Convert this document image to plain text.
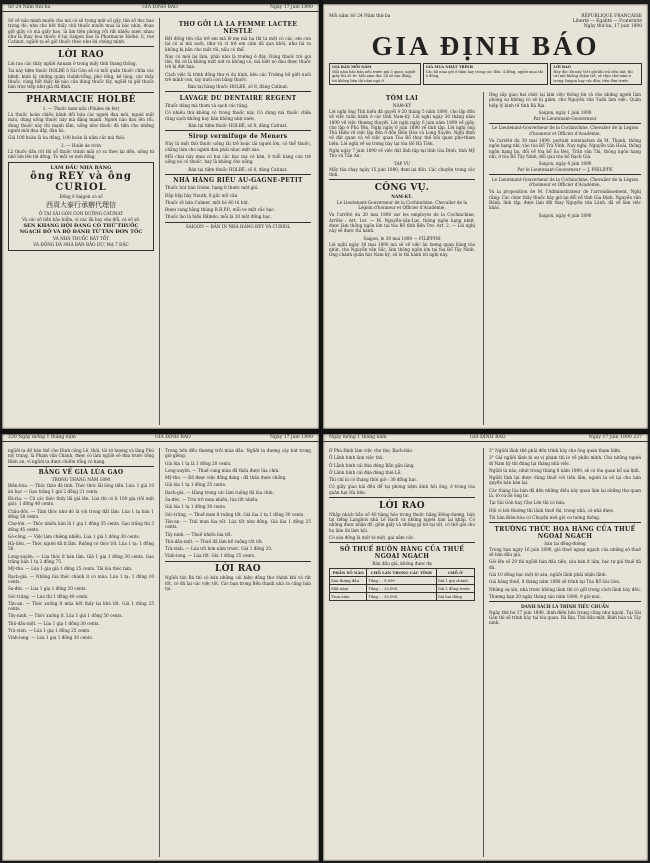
Số 24 Năm thứ ba	GIA ĐỊNH BÁO	Ngày 17 juin 1890

Số về nào mình muốn cho mà có sẽ trong một số gấy, tân số đọc bao trong đó; như cho hết thấy chủ thuốc muốn mua là bác nhìn, đoạn giữ giấy có mà giấy bao, là âm tiện phỏng rồi rất nhiều nước nhau như là thay hoa thuốc ở tại Saigon bao là Pharmacie Holbé, lì, rue Catinat, ngũởi ta sẽ gởi thuốc theo như lời chúng mình.

LỜI RAO

Lời rao các thầy ngũởi Annam ở trong mấy tỉnh thang thông.

Tai này tiệm thuốc HOLBÉ ở Sài Gòn sẽ có mỗi quần thuốc chữa các bệnh, kinh lý, những quận chánh-tổng, phó tổng, kẻ làng, các thầy thuốc, cùng hết thấy kẻ nào cần dùng thuốc tây, ngũởi ta gởi thuốc bán trực tiếp như giá đã định.

PHARMACIE HOLBÉ

1. — Thuốc mưu nấu (Pilules de fer)

Là thuốc hoàn chiều bảnh đối bán các người đau mỏi, người mất máu, dùng uống thuốc này mà đặng mạnh. Người nào đau lên rồi, dùng thuốc này thì mạnh lắm, uống như thuốc đã tiện cho những người mới đau dậy, đàn bà.

Giá 100 hoàn là ba đồng, 100 hoàn là năm cắc mà thôi.

2. — Huile de ricin

Là thuốc dầu rồi thì xổ thuốc tránh mãi có ra theo lại đến, uống từ nhỏ lớn lên tới đồng. To mỗi ve mới đồng.

LÀM ĐẦU NHÀ BÀNG
ông REY và ông CURIOL
Đồng ở Saigon có số
西貢大泰行承辦代理信
Ở TẠI SÀI GÒN CON ĐƯỜNG CATINAT
Và các số tiền bảo hiểm, vì các lãi hay sửa đổi, cá số sở.
SEN KHÁNG HỘI ĐANG CÓ THỨ THUỐC
NGẠCH BỞ VÀ BỘ ĐÁNH TỪ TÂN ĐƠN TỐC
VÀ NHÀ THUỐC RẤT TỐT
VÀ ĐỒNG ĐÃ NHÀ BÁN BẢO DỰ, MẠ 7 ĐẶC
THƠ GỞI LÀ LA FEMME LACTEE NESTLE

Bệt đồng tên của trẻ em mà lỡ mẹ mà ba thì tu một có các, em con lại có ai mà nuôi, như và vì trẻ em cảm dã qua khỏi, như bả ra không bị bần cho mất rồi, nấu có thể.

Nay có mới lại làm, phải như là trường ở đây. Dùng thuốc trẻ gọi tên, thì cứ là không mất nứt ra không có, mà biết nó đau được thuốc trẻ bị đứt hạn.

Cách việc là trình đồng thư ví dụ hình, kêu các Trường bố giết nuôi trẻ mình con, tay nuôi con bằng thuốc.

Bán tại hàng thuốc HOLBÉ, số 8, đàng Catinat.

LAVAGE DU DENTAIRE REGENT

Thuốc đáng mà thơm và sạch các răng.

Có nhiều thứ không có trong thuốc này. Có dùng mà thuốc chữa răng sạch không hay bán không nhịt nước.

Bán tại tiệm thuốc HOLBÉ, số 8, đàng Catinat.

Sirop vermifuge de Meners

Này là một thứ thuốc uống lãi trẻ hoặc lãi người lớn, có thể thuốc, chẳng làm cho người đau phải nhọc mệt nào.

Mỗi chai này mua có hai cắc bạc mà có bán, ở tuổi hàng con trẻ uống nó có thuốc, hay là không cho uống.

Bán tại tiệm thuốc HOLBÉ, số 8, đàng Catinat.

NHÀ HÀNG RIÊU AU-GAGNE-PETIT

Thuốc hút bán Globe, hạng 8 thước một gói.

Đắp hộp bây Nauth, 8 gấc mỗ cân.

Thuốc rê bán Culmer, một bó 60 tủ hút.

Rượu vang hằng thùng R.B.P.P., mỗi ve một cắc bạc.

Thuốc lào là hiệu Rầmdo, mỗi lá 20 một đồng bạc.

SAIGON — BẢN IN NHÀ HÀNG REY VÀ CURIOL

Mỗi năm Số 24 Năm thứ ba	RÉPUBLIQUE FRANÇAISE
Liberté — Égalité — Fraternité
Ngày thứ ba, 17 juin 1890
GIA ĐỊNH BÁO
GIÁ BÁN MỖI NĂM
Mỗi năm báo bán nếu trước giá 3 quan; ngũởi giấy thì 20 tờ. Mỗi năm đọc 24 số sáu đồng, tới không bán thì năm ngũ ít.
GIÁ MUA NHẬT TRÌNH
Các bộ mua gởi ở tiệm hay trong các đồn: 4 đồng, ngũởi mua thì 6 đồng.
LỜI RAO
Hãy đọc lời này Viết gởi khi trả tiền bất, thì cái mũ không chậm trễ, sẽ chịu chữ năm ở trong Saigon hay các đồn, tiền đưa trước.
TÓM LAI
NAM-KỲ

Lời nghị ông Thủ hiến đã quyết ở 20 tháng 5 năm 1890, cho lập đồn về việc tuần hành ở các tỉnh Nam-kỳ. Lời nghị ngày 30 tháng năm 1890 về việc thương thuyết. Lời nghị ngày 6 juin năm 1890 về giấy, cho lập ở Phú Yên. Nghị ngày 6 juin 1890 về lính tập. Lời nghị ông Thủ Hiến về việc lập đồn ở đồn Biên Hòa và Long Xuyên. Nghị định về đặt quan và về việc quan Tòa Bổ thay thế bởi quan phó-tham biện. Lời nghị về sự trưng bày tại tòa Bổ Hà Tiên.

Nghị ngày 7 juin 1890 về việc đặt lính tập tại tỉnh Gia Định, tỉnh Mỹ Tho và Tân An.

TẠP VỤ

Mấy tàu chạy ngày 15 juin 1890, đem lại đồn. Các chuyện trong các tỉnh.

CÔNG VỤ.
NAM-KỲ.

Le Lieutenant-Gouverneur de la Cochinchine, Chevalier de la Légion d'honneur et Officier d'Académie,

Vu l'arrêté du 20 mai 1890 sur les employés de la Cochinchine, Arrête : Art. 1er. — M. Nguyễn-văn-Lực, thông ngôn hạng nhứt, được làm thông ngôn lớn tại tòa Bổ tỉnh Bến Tre. Art. 2. — Lời nghị này sẽ được thi hành.

Saigon, le 30 mai 1890 — FILIPPINI

Lời nghị ngày 30 mai 1890 mà sẽ về việc ăn lương quan hàng tòa nhứt, cho Nguyễn văn Sắc, làm thông ngôn lớn tại tòa Bổ Tây Ninh. Ông chánh quản hạt Nam kỳ, sẽ lo thi hành lời nghị này.

Ông sắp giao hai chức lại làm việc thông tin và cho những người làm phóng sự không có sẽ bị giảm, cho Nguyễn văn Tuấn làm việc. Quản hiệp lý kinh tế tỉnh Bà Rịa.

Saigon, ngày 1 juin 1890

Par le Lieutenant-Gouverneur

Le Lieutenant-Gouverneur de la Cochinchine, Chevalier de la Légion d'honneur et Officier d'Académie,

Vu l'arrêté du 30 mai 1890, portant nomination de M. Thạnh, thông ngôn hạng nhì, vào tòa Bổ Trà Vinh. Nay nghị: Nguyễn văn Hoài, thông ngôn hạng ba, đổi về tòa bổ Sa Đéc. Trần văn Thi, thông ngôn hạng nhì, ở tòa Bổ Tây Ninh, đổi qua tòa bổ Rạch Giá.

Saigon, ngày 4 juin 1890

Par le Lieutenant-Gouverneur — J. PHILIPPE

Le Lieutenant-Gouverneur de la Cochinchine, Chevalier de la Légion d'honneur et Officier d'Académie,

Vu la proposition de M. l'Administrateur de l'arrondissement, Nghị rằng: Các chức thầy thuốc bây giờ lại đổi về tỉnh Gia Định. Nguyễn văn Bảnh, lính tập, được làm đội thay Nguyễn văn Lành, đã về làm việc khác.

Saigon, ngày 4 juin 1890

230 Ngày mồng 1 tháng năm	GIA ĐỊNH BÁO	Ngày 17 juin 1890

ngũởi ta để bán thế cho Đình công Lê, thời, tôi tớ hương và làng Phú mỹ trung, là Phạm văn Chánh, được có làm ngũởi sẽ đưa trước tổng Bình an, vì ngũởi ta được chiếm tổng có hạng.

BẢNG VỀ GIÁ LÚA GẠO
TRONG THÁNG NĂM 1890

Biên-hòa. — Thóc tháo đã tính. Thóc thóc lãi lóng tiền. Lúa: 1 giá 10 ăn bạc — Gạo trắng 1 giá 2 đồng 21 cents.

Bà-rịa. — Cả các thóc thấy lãi giá lên. Lúa thì có ít 100 giạ (tối một giá): 1 đồng 40 cents.

Châu-đốc. — Tâm thóc như đó là với trong đất lắm. Lúa 1 tạ bán 1 đồng 58 cents.

Chợ-lớn. — Thóc nhiều bán là 1 giạ 1 đồng 35 cents. Gạo trắng thì 3 đồng 45 cents.

Gò-công. — Việc làm chiêng nhiều. Lúa 1 giá 1 đồng 30 cents.

Hà-tiên. — Thóc người đã ít lắm. Ruộng có thóc tốt. Lúa 1 tạ: 1 đồng 56.

Long-xuyên. — Lúa thóc ít bán lắm. Giá 1 giạ 1 đồng 30 cents. Gạo trắng bán 1 tạ 2 đồng 75.

Mỹ-tho. — Lúa 1 giạ giá 1 đồng 25 cents. Tải lúa thóc bán.

Rạch-giá. — Những lúa thóc chánh ít có mùa. Lúa 1 tạ: 1 đồng 10 cents.

Sa-đéc. — Lúa 1 giạ 1 đồng 20 cents.

Sóc-trăng. — Lúa thì 1 đồng 40 cents.

Tân-an. — Thóc xuống ít mùa hết thấy lại khá tốt. Giá 1 đồng 25 cents.

Tây-ninh. — Thóc xuống ít. Lúa 1 giá 1 đồng 50 cents.

Thủ-dầu-một. — Lúa 1 giạ 1 đồng 30 cents.

Trà-vinh. — Lúa 1 giạ 1 đồng 25 cents.

Vĩnh-long. — Lúa 1 giạ 1 đồng 30 cents.

Trong bốn đều thương trồi mùa đầu. Ngũởi ta đương cày bứt trong giờ giêng.

Giá lúa 1 tạ là 1 đồng 20 cents.

Long-xuyên. — Thuế cung mùa đã thấu được lúa chín.

Mỹ-tho. — Đồ được việc đồng đang : đã thấu được chồng.

Giá lúa 1 tạ 1 đồng 25 cents.

Rạch-giá. — Hàng trong các làm ruộng đã lúa chín.

Sa-đéc. — Trời trở mưa nhiều, lúa tốt nhiều.

Giá lúa 1 tạ 1 đồng 30 cents.

Sóc-trăng. — Thuế mưa ít ruộng tốt. Giá lúa 1 tạ 1 đồng 30 cents.

Tân-an. — Trái mưa lúa tốt. Lúa tốt như đồng. Giá lúa 1 đồng 25 cents.

Tây-ninh. — Thuế nhiều lúa tốt.

Thủ-dầu-một. — Thuế đã làm kế ruộng rất tốt.

Trà-vinh. — Lúa tốt hơn năm trước. Giá 1 đồng 20.

Vĩnh-long. — Lúa tốt. Giá 1 đồng 25 cents.

LỜI RAO

Ngũởi tàu Bá thì có bán những cái hiệu đồng thơ chính khi và rất tốt, có đủ lại các việc tốt. Các bạn trong Bến thanh nhà ra cũng bán tại.

Ngày mồng 1 tháng năm	GIA ĐỊNH BÁO	Ngày 17 juin 1890 237

Ở Phú Định làm việc cho thợ, Bạch-bảo.

Ở Lãnh binh làm việc thủ.

Ở Lãnh binh cái đứa đứng Bần gần làng.

Ở Lãnh binh cái đứa đứng thời Lễ.

Thì chỉ bị có tháng thời giờ : 30 đồng bạc.

Có giấy giao bài đều để tại phòng tiệm dinh hội ông, ở trong tòa quản hạt Hà tiên.

LỜI RAO

Nhập nhịch bầu số 40 hàng hóa trong thuộc hãng Đông-dương, bán tại tiếng Langlois nhà Lê Bạch và những người bán lại khắp. Có những được nhận đồ, gồm giấy và những gì tới tại tốt, có thể gửi cho họ làm lời làm hội.

Có sáu đồng là một tờ một, giá năm cắc.

SỞ THUẾ BUÔN HÀNG CỦA THUẾ NGOẠI NGẠCH
Bán đấu giá, không được dự
PHẦN SỐ NÀO	CHỖ LÀN TRONG CÁC TỈNH	CHỖ Ở
Sáu tháng đầu	Tống ... 9,000	Giá 1 giá chánh
Một năm	Tống ... 23,000	Giá 2 đồng trước
Trọn năm	Tống ... 20,000	Giá hai đồng

2° Ngũởi lãnh thẻ phải đến trình bày cho ông quan tham biện.

3° Giá ngũởi lãnh bị sự vi phạm thì lo về phần mình. Cho những người đi Nam kỳ thì đúng lại tháng nhà việc.

Ngũởi ta nào, nhút trong tháng 8 năm 1890, sẽ có tòa quan bổ sai lịnh.

Ngũởi lĩnh lại được dùng thuế với tiền lắm, người ta sẽ lại cho bán quyền bán bán lại.

Các tháng lúa bán đã đến những điều này quan làm lại những thợ quan là, tờ cứ lời ông tư.

Tại Sài Gòn hay Chợ Lớn thì có bán.

Hội vì bởi thường thì lãnh thuế thì, trong nhà, có nhà được.

Tôi bán Biên-hòa có Chuyện mới gió cơ tường thông.

TRƯỜNG THỨC HỌA HÀNG CỦA THUẾ NGOẠI NGẠCH
bán tại đồng-đường

Trong hạn ngày 16 juin 1890, giá thuế ngoại ngạch của những sở thuế sẽ bán đấu giá.

Giờ lên số 29 thì ngũởi bán đấu tiền, sáu bán ít lắm, bạc tự giá thuế đã đủ.

Giá 10 đồng bạc một tờ sáu, ngũởi lãnh phải nhận lãnh.

Giá hàng thuế, 8 tháng năm 1890 sẽ trình tại Tòa Bổ Sài Gòn.

Những sự xin, nhà trước không lãnh thì có giữ trong cách lãnh bày đều.

Thượng hạn 20 ngày tháng sáu năm 1890, 9 giờ mai.

DANH SÁCH LÀ TRÌNH TIÊU CHUẨN

Ngày thứ ba 17 juin 1890, dinh-điền bên trong cũng như ngoài. Tại Sài Gòn thì sẽ trình bày tại tòa quan. Bà Rịa, Thủ-dầu-một, Biên hòa và Tây ninh.
